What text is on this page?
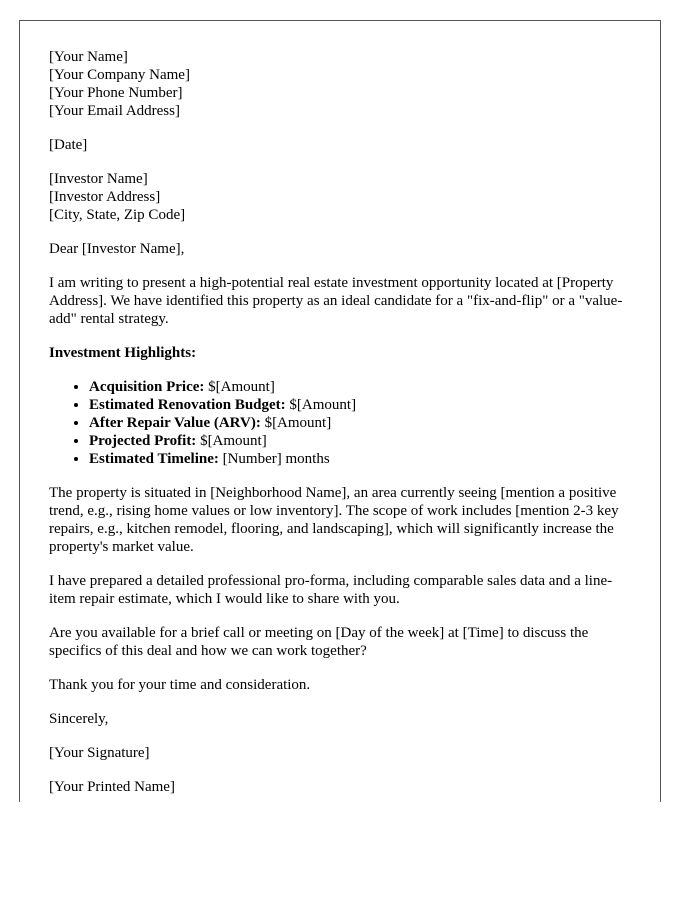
[Your Name]
[Your Company Name]
[Your Phone Number]
[Your Email Address]

[Date]

[Investor Name]
[Investor Address]
[City, State, Zip Code]

Dear [Investor Name],

I am writing to present a high-potential real estate investment opportunity located at [Property Address]. We have identified this property as an ideal candidate for a "fix-and-flip" or a "value-add" rental strategy.

Investment Highlights:

• Acquisition Price: $[Amount]
• Estimated Renovation Budget: $[Amount]
• After Repair Value (ARV): $[Amount]
• Projected Profit: $[Amount]
• Estimated Timeline: [Number] months

The property is situated in [Neighborhood Name], an area currently seeing [mention a positive trend, e.g., rising home values or low inventory]. The scope of work includes [mention 2-3 key repairs, e.g., kitchen remodel, flooring, and landscaping], which will significantly increase the property's market value.

I have prepared a detailed professional pro-forma, including comparable sales data and a line-item repair estimate, which I would like to share with you.

Are you available for a brief call or meeting on [Day of the week] at [Time] to discuss the specifics of this deal and how we can work together?

Thank you for your time and consideration.

Sincerely,

[Your Signature]

[Your Printed Name]
